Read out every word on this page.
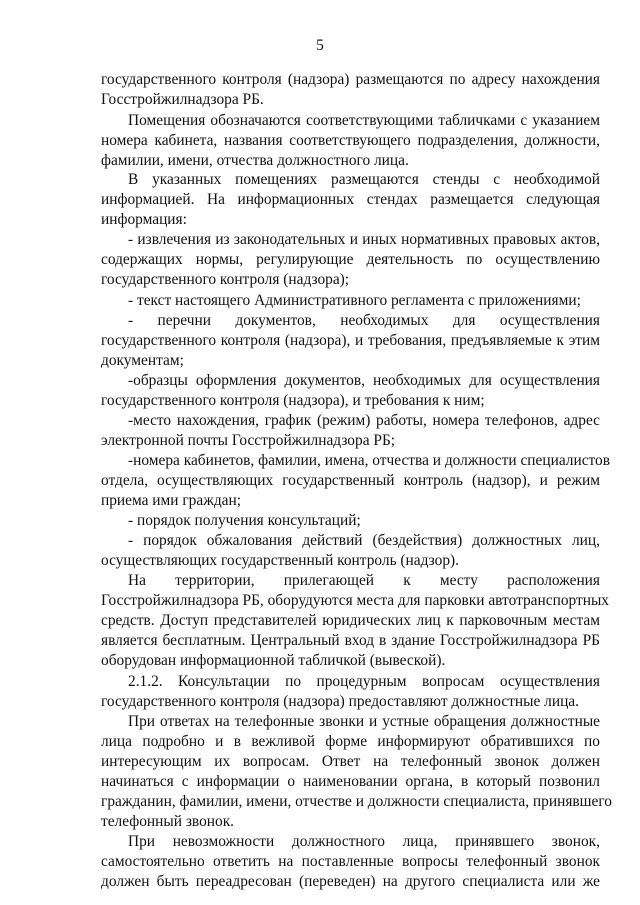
5
государственного контроля (надзора) размещаются по адресу нахождения
Госстройжилнадзора РБ.
Помещения обозначаются соответствующими табличками с указанием
номера кабинета, названия соответствующего подразделения, должности,
фамилии, имени, отчества должностного лица.
В указанных помещениях размещаются стенды с необходимой
информацией. На информационных стендах размещается следующая
информация:
- извлечения из законодательных и иных нормативных правовых актов,
содержащих нормы, регулирующие деятельность по осуществлению
государственного контроля (надзора);
- текст настоящего Административного регламента с приложениями;
- перечни документов, необходимых для осуществления
государственного контроля (надзора), и требования, предъявляемые к этим
документам;
-образцы оформления документов, необходимых для осуществления
государственного контроля (надзора), и требования к ним;
-место нахождения, график (режим) работы, номера телефонов, адрес
электронной почты Госстройжилнадзора РБ;
-номера кабинетов, фамилии, имена, отчества и должности специалистов
отдела, осуществляющих государственный контроль (надзор), и режим
приема ими граждан;
- порядок получения консультаций;
- порядок обжалования действий (бездействия) должностных лиц,
осуществляющих государственный контроль (надзор).
На территории, прилегающей к месту расположения
Госстройжилнадзора РБ, оборудуются места для парковки автотранспортных
средств. Доступ представителей юридических лиц к парковочным местам
является бесплатным. Центральный вход в здание Госстройжилнадзора РБ
оборудован информационной табличкой (вывеской).
2.1.2. Консультации по процедурным вопросам осуществления
государственного контроля (надзора) предоставляют должностные лица.
При ответах на телефонные звонки и устные обращения должностные
лица подробно и в вежливой форме информируют обратившихся по
интересующим их вопросам. Ответ на телефонный звонок должен
начинаться с информации о наименовании органа, в который позвонил
гражданин, фамилии, имени, отчестве и должности специалиста, принявшего
телефонный звонок.
При невозможности должностного лица, принявшего звонок,
самостоятельно ответить на поставленные вопросы телефонный звонок
должен быть переадресован (переведен) на другого специалиста или же
